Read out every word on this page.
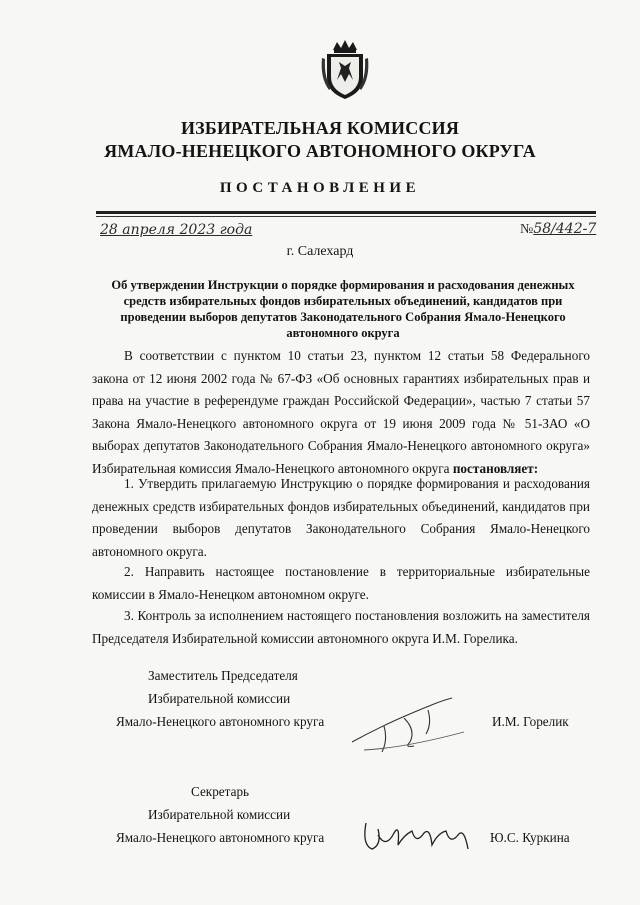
ИЗБИРАТЕЛЬНАЯ КОМИССИЯ
ЯМАЛО-НЕНЕЦКОГО АВТОНОМНОГО ОКРУГА
ПОСТАНОВЛЕНИЕ
28 апреля 2023 года	№58/442-7
г. Салехард
Об утверждении Инструкции о порядке формирования и расходования денежных средств избирательных фондов избирательных объединений, кандидатов при проведении выборов депутатов Законодательного Собрания Ямало-Ненецкого автономного округа
В соответствии с пунктом 10 статьи 23, пунктом 12 статьи 58 Федерального закона от 12 июня 2002 года № 67-ФЗ «Об основных гарантиях избирательных прав и права на участие в референдуме граждан Российской Федерации», частью 7 статьи 57 Закона Ямало-Ненецкого автономного округа от 19 июня 2009 года № 51-ЗАО «О выборах депутатов Законодательного Собрания Ямало-Ненецкого автономного округа» Избирательная комиссия Ямало-Ненецкого автономного округа постановляет:
1. Утвердить прилагаемую Инструкцию о порядке формирования и расходования денежных средств избирательных фондов избирательных объединений, кандидатов при проведении выборов депутатов Законодательного Собрания Ямало-Ненецкого автономного округа.
2. Направить настоящее постановление в территориальные избирательные комиссии в Ямало-Ненецком автономном округе.
3. Контроль за исполнением настоящего постановления возложить на заместителя Председателя Избирательной комиссии автономного округа И.М. Горелика.
Заместитель Председателя
Избирательной комиссии
Ямало-Ненецкого автономного круга	И.М. Горелик
Секретарь
Избирательной комиссии
Ямало-Ненецкого автономного круга	Ю.С. Куркина
